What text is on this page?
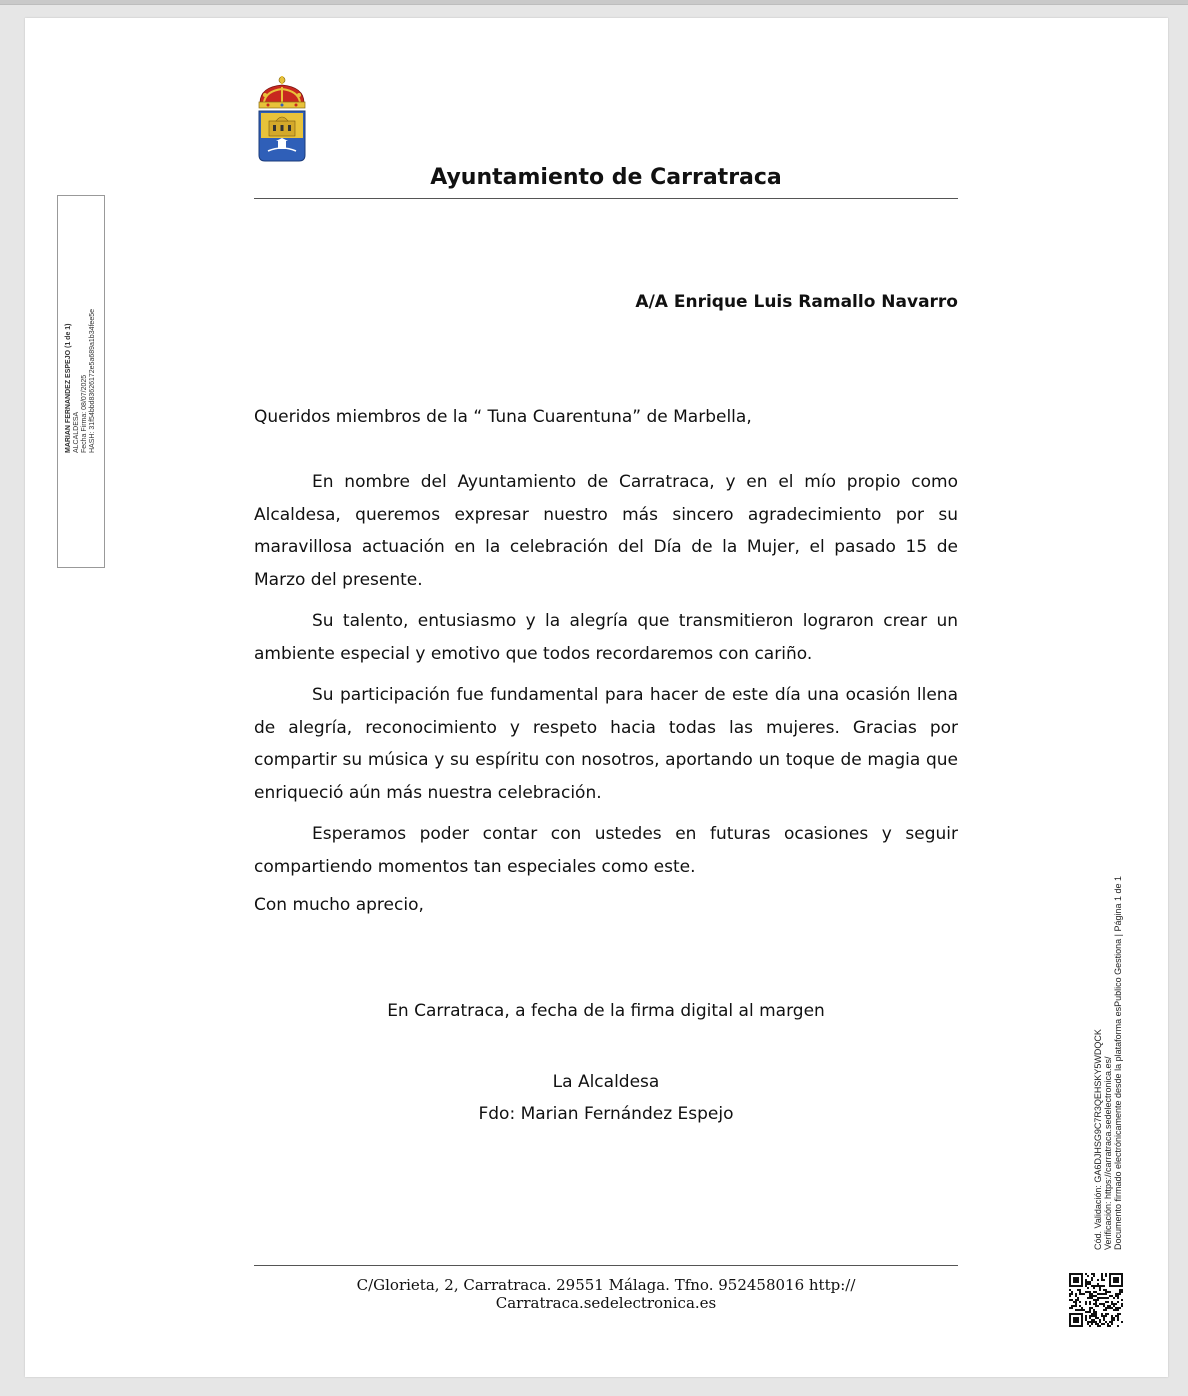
Ayuntamiento de Carratraca
A/A Enrique Luis Ramallo Navarro
Queridos miembros de la “ Tuna Cuarentuna” de Marbella,

En nombre del Ayuntamiento de Carratraca, y en el mío propio como Alcaldesa, queremos expresar nuestro más sincero agradecimiento por su maravillosa actuación en la celebración del Día de la Mujer, el pasado 15 de Marzo del presente.

Su talento, entusiasmo y la alegría que transmitieron lograron crear un ambiente especial y emotivo que todos recordaremos con cariño.

Su participación fue fundamental para hacer de este día una ocasión llena de alegría, reconocimiento y respeto hacia todas las mujeres. Gracias por compartir su música y su espíritu con nosotros, aportando un toque de magia que enriqueció aún más nuestra celebración.

Esperamos poder contar con ustedes en futuras ocasiones y seguir compartiendo momentos tan especiales como este.

Con mucho aprecio,
En Carratraca, a fecha de la firma digital al margen
La Alcaldesa
Fdo: Marian Fernández Espejo
C/Glorieta, 2, Carratraca. 29551 Málaga. Tfno. 952458016 http:// Carratraca.sedelectronica.es
MARIAN FERNANDEZ ESPEJO (1 de 1) ALCALDESA Fecha Firma: 08/07/2025 HASH: 31f54bbd83626172e5a689a1b34fee5e
Cód. Validación: GA6DJHSG9C7R3QEHSKY5WDQCK Verificación: https://carratraca.sedelectronica.es/ Documento firmado electrónicamente desde la plataforma esPublico Gestiona | Página 1 de 1
